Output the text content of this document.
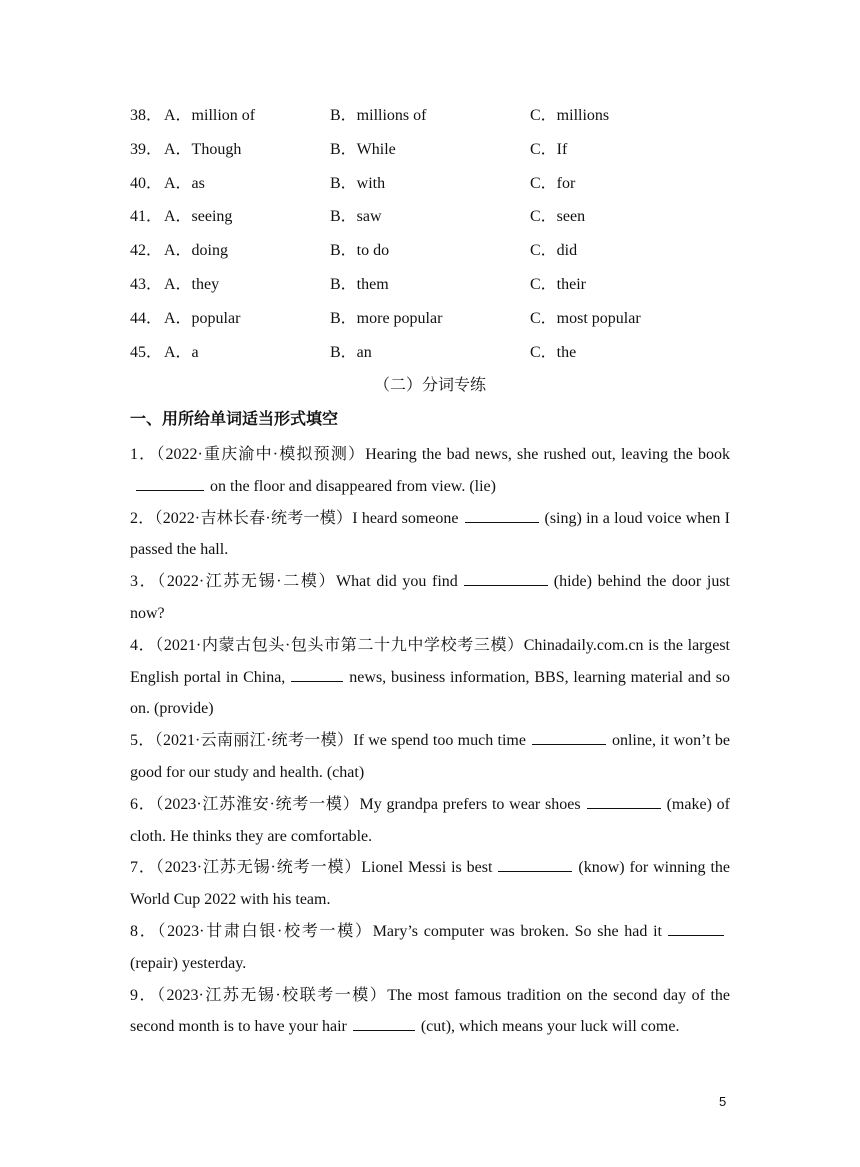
38． A．million of	B．millions of	C．millions
39． A．Though	B．While	C．If
40． A．as	B．with	C．for
41． A．seeing	B．saw	C．seen
42． A．doing	B．to do	C．did
43． A．they	B．them	C．their
44． A．popular	B．more popular	C．most popular
45． A．a	B．an	C．the
（二）分词专练
一、用所给单词适当形式填空
1．（2022·重庆渝中·模拟预测）Hearing the bad news, she rushed out, leaving the bookon the floor and disappeared from view. (lie)
2．（2022·吉林长春·统考一模）I heard someone	(sing) in a loud voice when I passed the hall.
3．（2022·江苏无锡·二模）What did you find	(hide) behind the door just now?
4．（2021·内蒙古包头·包头市第二十九中学校考三模）Chinadaily.com.cn is the largest English portal in China,	news, business information, BBS, learning material and so on. (provide)
5．（2021·云南丽江·统考一模）If we spend too much time	online, it won’t be good for our study and health. (chat)
6．（2023·江苏淮安·统考一模）My grandpa prefers to wear shoes	(make) of cloth. He thinks they are comfortable.
7．（2023·江苏无锡·统考一模）Lionel Messi is best	(know) for winning the World Cup 2022 with his team.
8．（2023·甘肃白银·校考一模）Mary’s computer was broken. So she had it(repair) yesterday.
9．（2023·江苏无锡·校联考一模）The most famous tradition on the second day of the second month is to have your hair	(cut), which means your luck will come.
5
